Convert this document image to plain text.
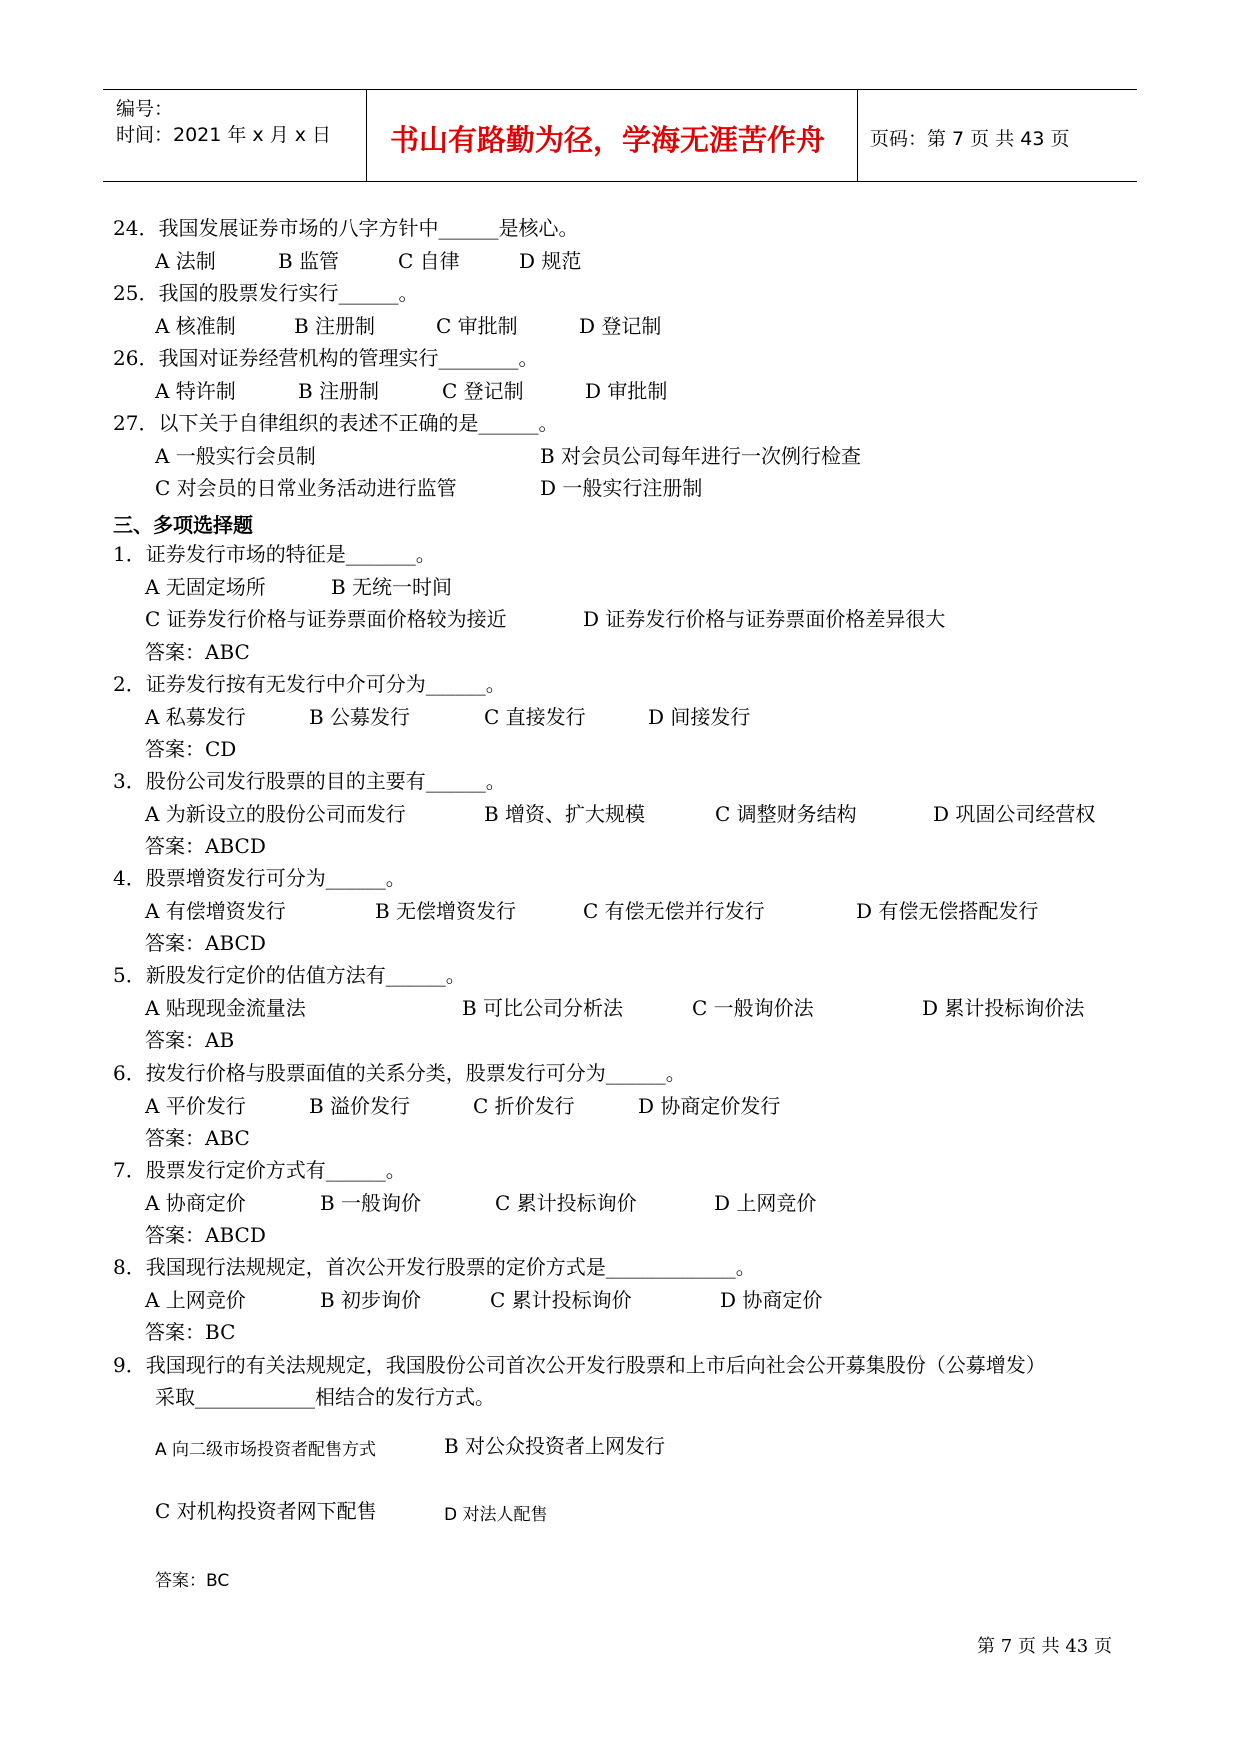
编号：
时间：2021 年 x 月 x 日 书山有路勤为径，学海无涯苦作舟 页码：第 7 页 共 43 页
24．我国发展证券市场的八字方针中______是核心。
A 法制	B 监管	C 自律	D 规范
25．我国的股票发行实行______。
A 核准制	B 注册制	C 审批制	D 登记制
26．我国对证券经营机构的管理实行________。
A 特许制	B 注册制	C 登记制	D 审批制
27．以下关于自律组织的表述不正确的是______。
A 一般实行会员制	B 对会员公司每年进行一次例行检查
C 对会员的日常业务活动进行监管	D 一般实行注册制
三、多项选择题
1．证券发行市场的特征是_______。
A 无固定场所	B 无统一时间
C 证券发行价格与证券票面价格较为接近	D 证券发行价格与证券票面价格差异很大
答案：ABC
2．证券发行按有无发行中介可分为______。
A 私募发行	B 公募发行	C 直接发行	D 间接发行
答案：CD
3．股份公司发行股票的目的主要有______。
A 为新设立的股份公司而发行	B 增资、扩大规模	C 调整财务结构	D 巩固公司经营权
答案：ABCD
4．股票增资发行可分为______。
A 有偿增资发行	B 无偿增资发行	C 有偿无偿并行发行	D 有偿无偿搭配发行
答案：ABCD
5．新股发行定价的估值方法有______。
A 贴现现金流量法	B 可比公司分析法	C 一般询价法	D 累计投标询价法
答案：AB
6．按发行价格与股票面值的关系分类，股票发行可分为______。
A 平价发行	B 溢价发行	C 折价发行	D 协商定价发行
答案：ABC
7．股票发行定价方式有______。
A 协商定价	B 一般询价	C 累计投标询价	D 上网竞价
答案：ABCD
8．我国现行法规规定，首次公开发行股票的定价方式是_____________。
A 上网竞价	B 初步询价	C 累计投标询价	D 协商定价
答案：BC
9．我国现行的有关法规规定，我国股份公司首次公开发行股票和上市后向社会公开募集股份（公募增发）
采取____________相结合的发行方式。
A 向二级市场投资者配售方式	B 对公众投资者上网发行
C 对机构投资者网下配售	D 对法人配售
答案：BC
第 7 页 共 43 页
